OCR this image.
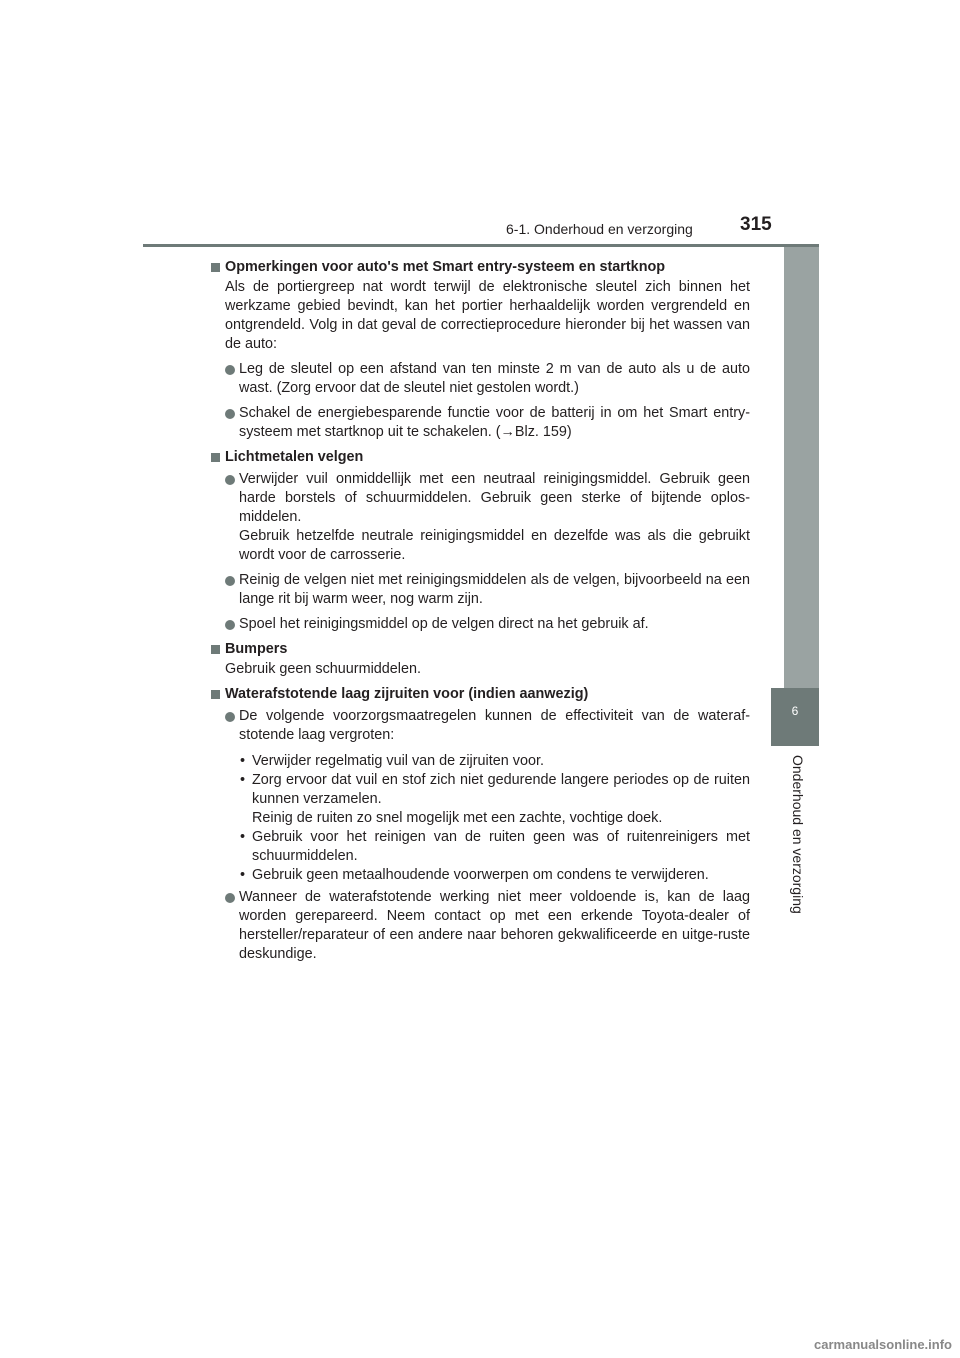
6-1. Onderhoud en verzorging 315
6
Onderhoud en verzorging
Opmerkingen voor auto's met Smart entry-systeem en startknop
Als de portiergreep nat wordt terwijl de elektronische sleutel zich binnen het werkzame gebied bevindt, kan het portier herhaaldelijk worden vergrendeld en ontgrendeld. Volg in dat geval de correctieprocedure hieronder bij het wassen van de auto:
Leg de sleutel op een afstand van ten minste 2 m van de auto als u de auto wast. (Zorg ervoor dat de sleutel niet gestolen wordt.)
Schakel de energiebesparende functie voor de batterij in om het Smart entry-systeem met startknop uit te schakelen. (→Blz. 159)
Lichtmetalen velgen
Verwijder vuil onmiddellijk met een neutraal reinigingsmiddel. Gebruik geen harde borstels of schuurmiddelen. Gebruik geen sterke of bijtende oplos-middelen.
Gebruik hetzelfde neutrale reinigingsmiddel en dezelfde was als die gebruikt wordt voor de carrosserie.
Reinig de velgen niet met reinigingsmiddelen als de velgen, bijvoorbeeld na een lange rit bij warm weer, nog warm zijn.
Spoel het reinigingsmiddel op de velgen direct na het gebruik af.
Bumpers
Gebruik geen schuurmiddelen.
Waterafstotende laag zijruiten voor (indien aanwezig)
De volgende voorzorgsmaatregelen kunnen de effectiviteit van de wateraf-stotende laag vergroten:
• Verwijder regelmatig vuil van de zijruiten voor.
• Zorg ervoor dat vuil en stof zich niet gedurende langere periodes op de ruiten kunnen verzamelen.
Reinig de ruiten zo snel mogelijk met een zachte, vochtige doek.
• Gebruik voor het reinigen van de ruiten geen was of ruitenreinigers met schuurmiddelen.
• Gebruik geen metaalhoudende voorwerpen om condens te verwijderen.
Wanneer de waterafstotende werking niet meer voldoende is, kan de laag worden gerepareerd. Neem contact op met een erkende Toyota-dealer of hersteller/reparateur of een andere naar behoren gekwalificeerde en uitge-ruste deskundige.
carmanualsonline.info
